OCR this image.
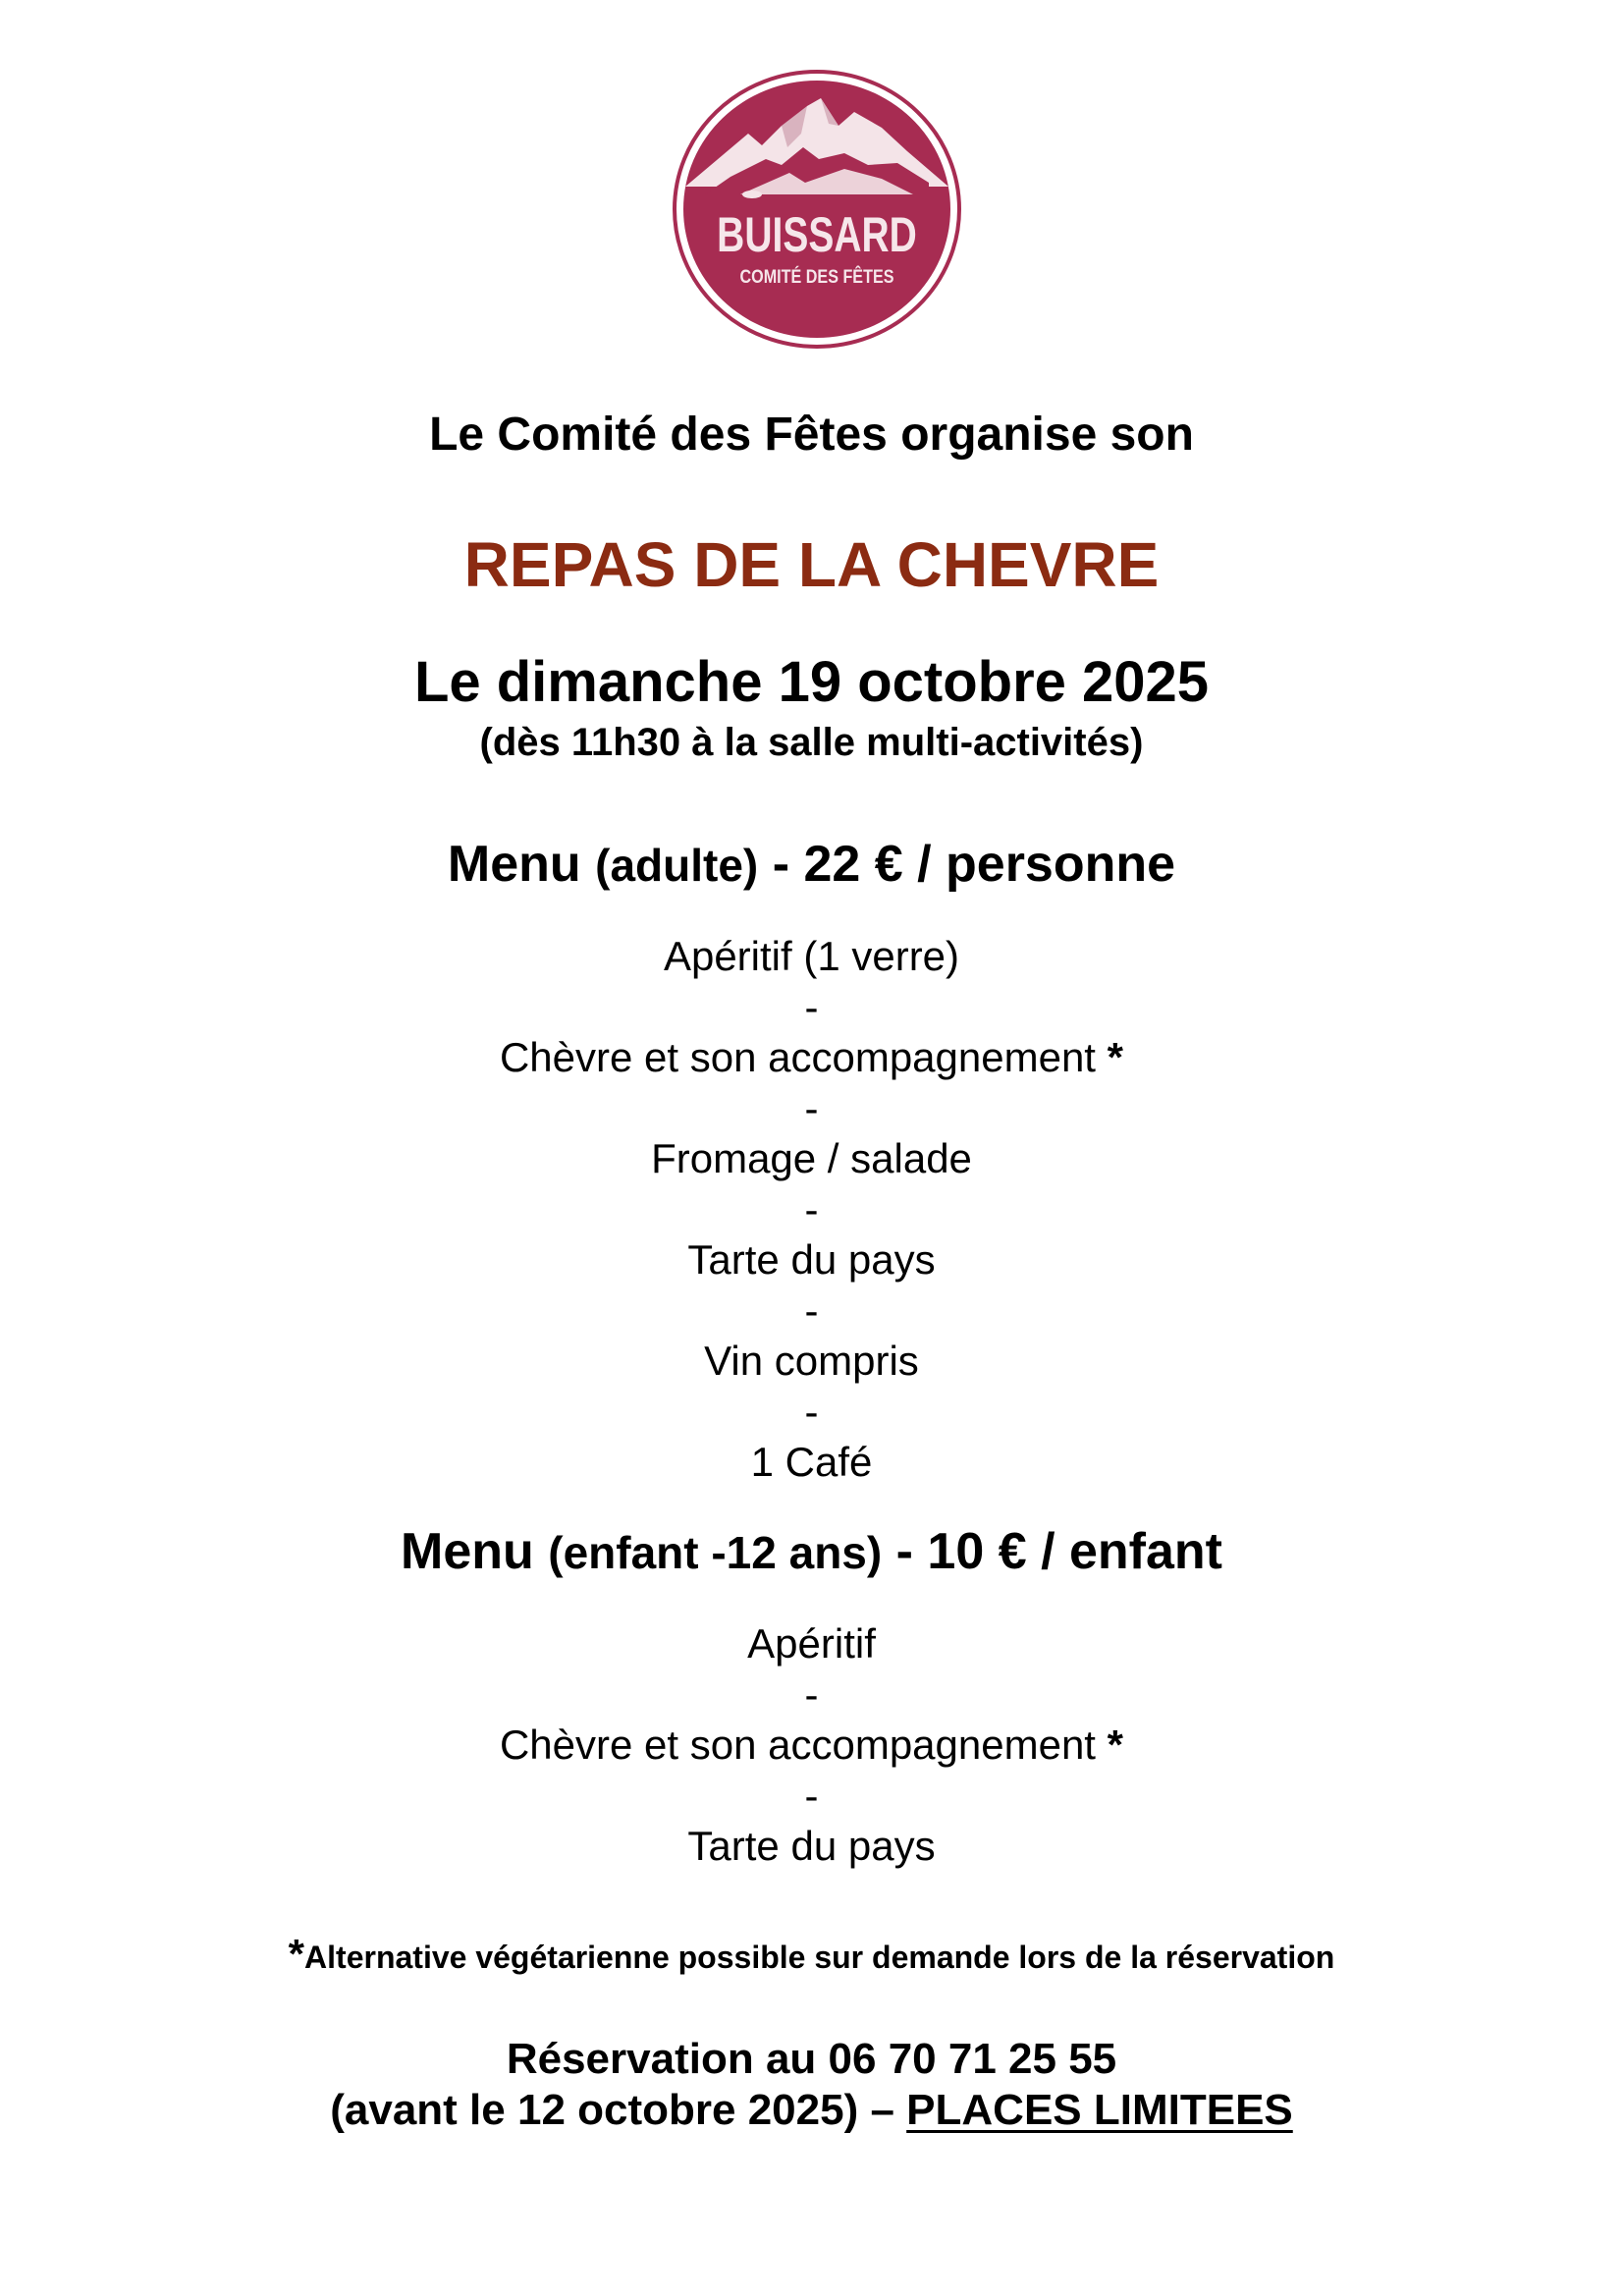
BUISSARD
COMITÉ DES FÊTES
Le Comité des Fêtes organise son
REPAS DE LA CHEVRE
Le dimanche 19 octobre 2025
(dès 11h30 à la salle multi-activités)
Menu (adulte) - 22 € / personne
Apéritif (1 verre)
-
Chèvre et son accompagnement *
-
Fromage / salade
-
Tarte du pays
-
Vin compris
-
1 Café
Menu (enfant -12 ans) - 10 € / enfant
Apéritif
-
Chèvre et son accompagnement *
-
Tarte du pays
*Alternative végétarienne possible sur demande lors de la réservation
Réservation au 06 70 71 25 55
(avant le 12 octobre 2025) – PLACES LIMITEES
